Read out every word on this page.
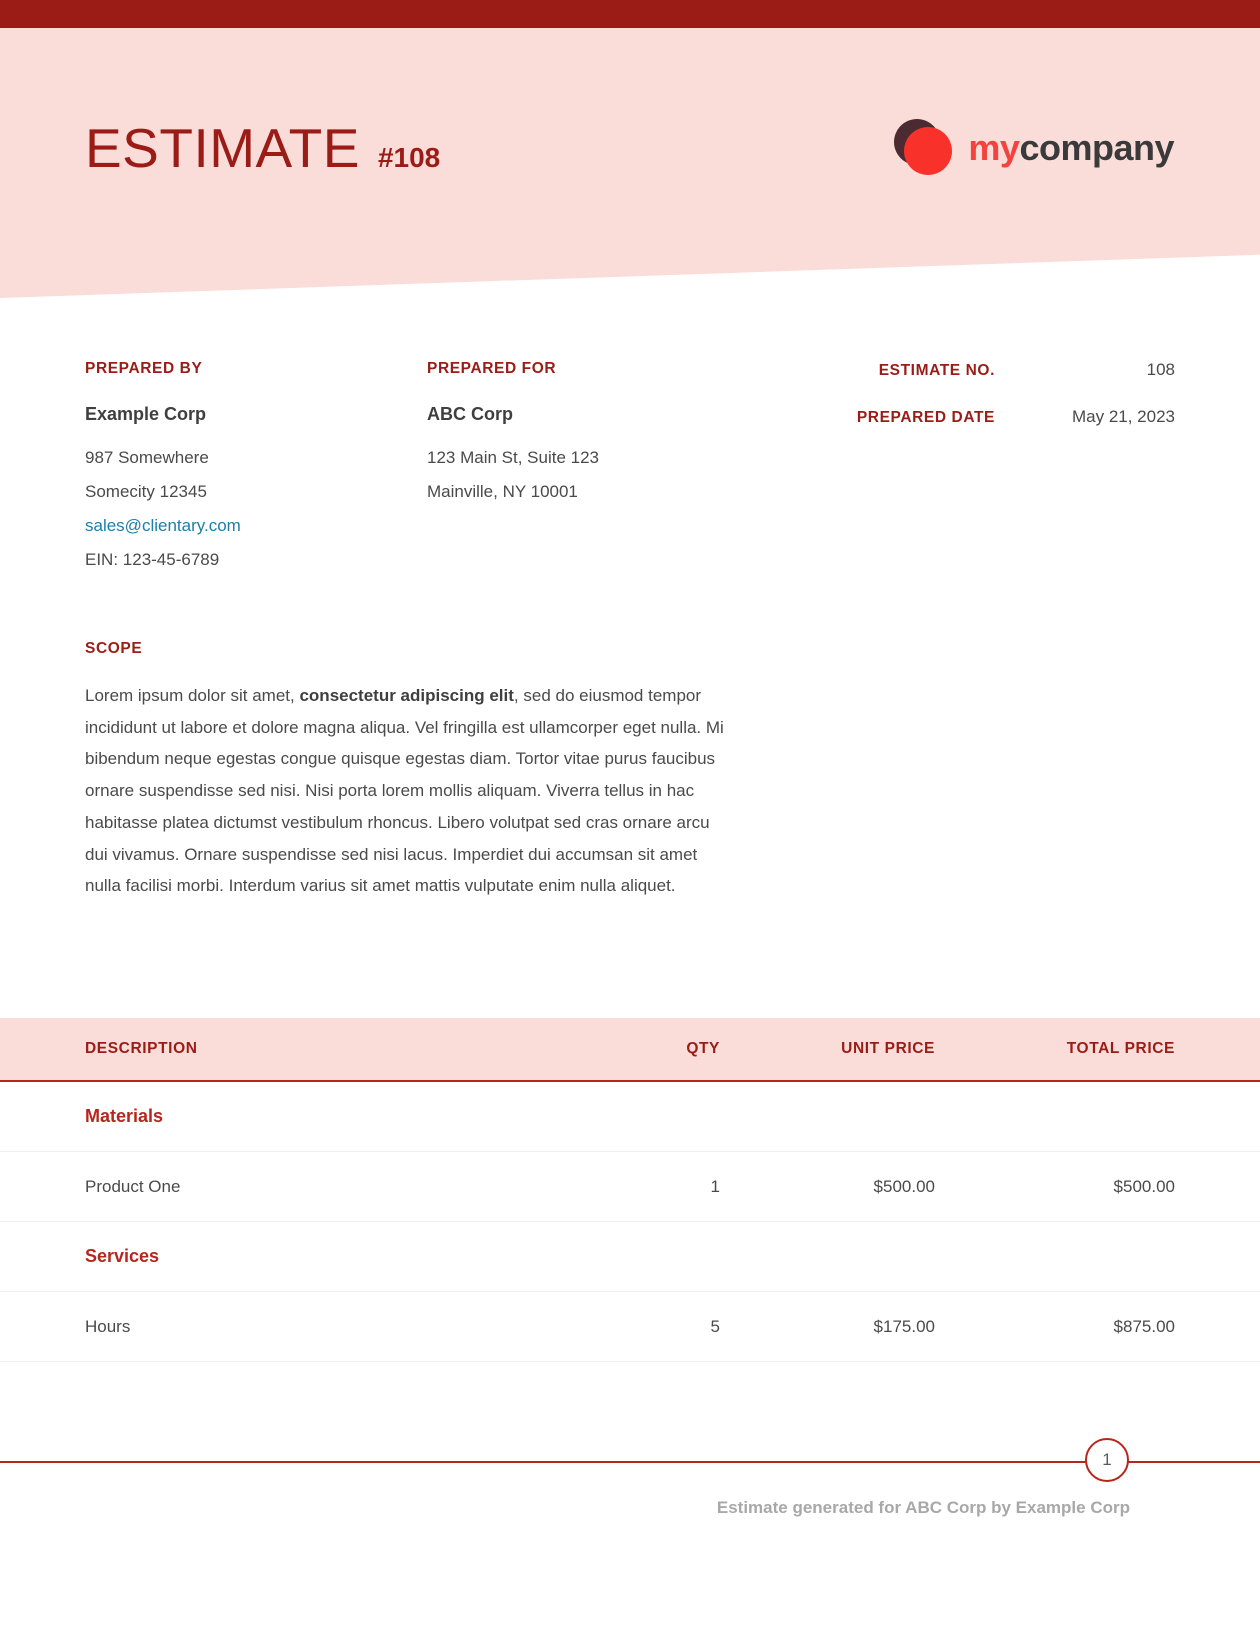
ESTIMATE #108	mycompany
PREPARED BY
Example Corp
987 Somewhere
Somecity 12345
sales@clientary.com
EIN: 123-45-6789
PREPARED FOR
ABC Corp
123 Main St, Suite 123
Mainville, NY 10001
ESTIMATE NO.	108
PREPARED DATE	May 21, 2023
SCOPE

Lorem ipsum dolor sit amet, consectetur adipiscing elit, sed do eiusmod tempor incididunt ut labore et dolore magna aliqua. Vel fringilla est ullamcorper eget nulla. Mi bibendum neque egestas congue quisque egestas diam. Tortor vitae purus faucibus ornare suspendisse sed nisi. Nisi porta lorem mollis aliquam. Viverra tellus in hac habitasse platea dictumst vestibulum rhoncus. Libero volutpat sed cras ornare arcu dui vivamus. Ornare suspendisse sed nisi lacus. Imperdiet dui accumsan sit amet nulla facilisi morbi. Interdum varius sit amet mattis vulputate enim nulla aliquet.

DESCRIPTION	QTY	UNIT PRICE	TOTAL PRICE
Materials
Product One	1	$500.00	$500.00
Services
Hours	5	$175.00	$875.00
1
Estimate generated for ABC Corp by Example Corp
